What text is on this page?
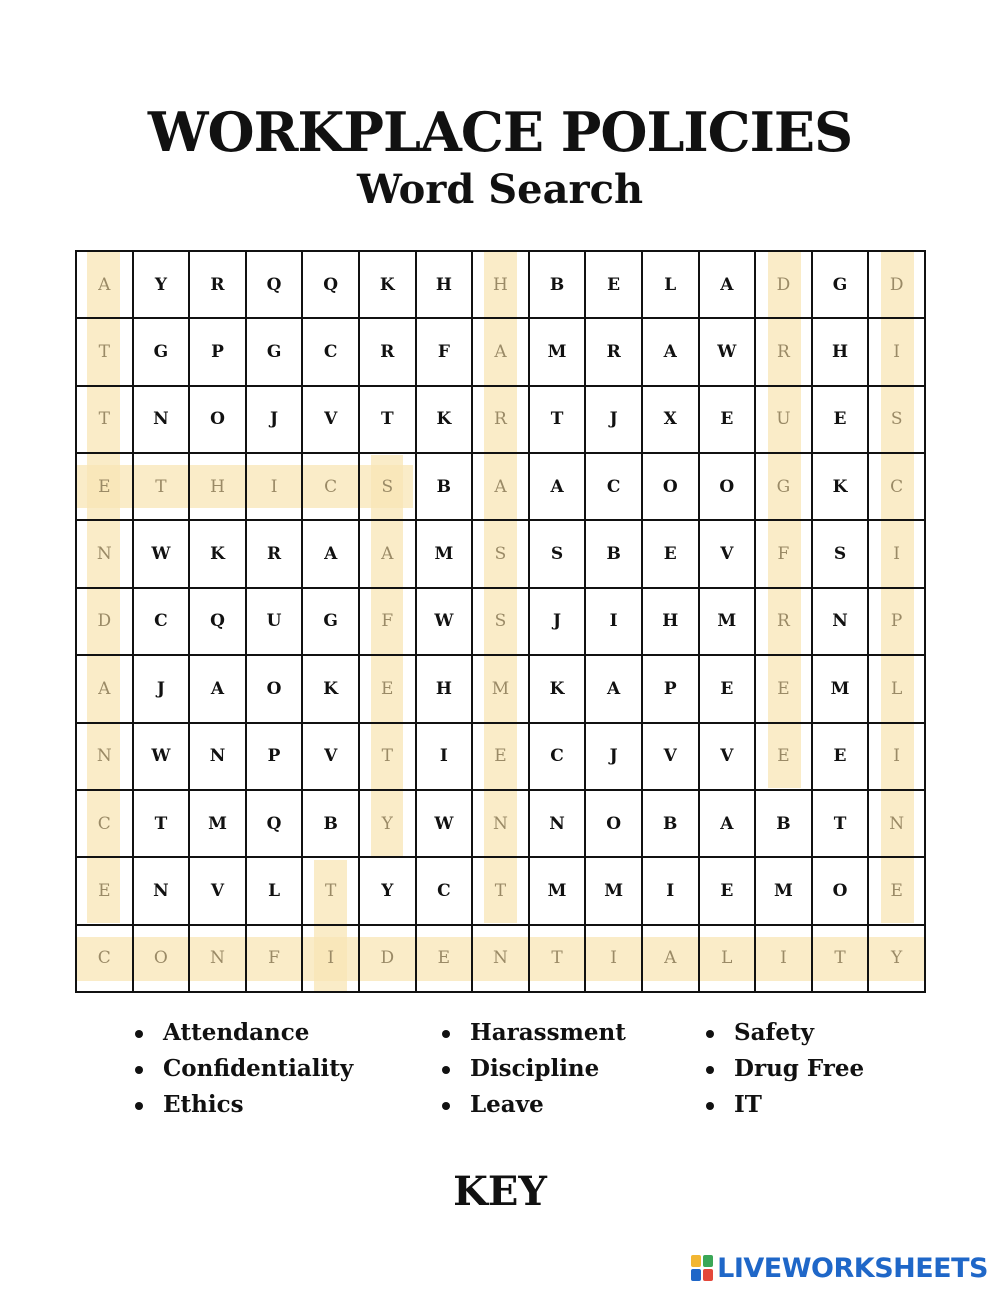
WORKPLACE POLICIES
Word Search
A	Y	R	Q	Q	K	H	H	B	E	L	A	D	G	D
T	G	P	G	C	R	F	A	M	R	A	W	R	H	I
T	N	O	J	V	T	K	R	T	J	X	E	U	E	S
E	T	H	I	C	S	B	A	A	C	O	O	G	K	C
N	W	K	R	A	A	M	S	S	B	E	V	F	S	I
D	C	Q	U	G	F	W	S	J	I	H	M	R	N	P
A	J	A	O	K	E	H	M	K	A	P	E	E	M	L
N	W	N	P	V	T	I	E	C	J	V	V	E	E	I
C	T	M	Q	B	Y	W	N	N	O	B	A	B	T	N
E	N	V	L	T	Y	C	T	M	M	I	E	M	O	E
C	O	N	F	I	D	E	N	T	I	A	L	I	T	Y
Attendance
Confidentiality
Ethics
Harassment
Discipline
Leave
Safety
Drug Free
IT
KEY
LIVEWORKSHEETS
